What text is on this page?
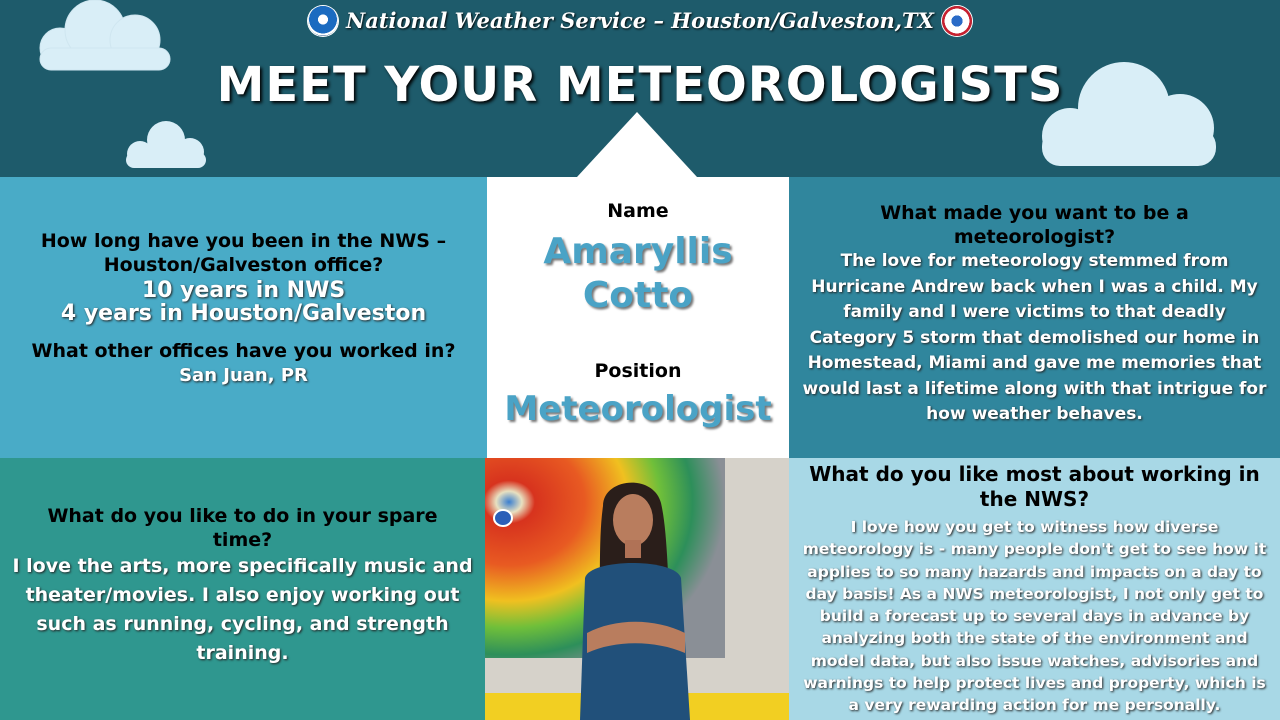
National Weather Service – Houston/Galveston,TX
MEET YOUR METEOROLOGISTS

How long have you been in the NWS – Houston/Galveston office?

10 years in NWS
4 years in Houston/Galveston

What other offices have you worked in?

San Juan, PR
Name
Amaryllis
Cotto
Position
Meteorologist

What made you want to be a meteorologist?

The love for meteorology stemmed from Hurricane Andrew back when I was a child. My family and I were victims to that deadly Category 5 storm that demolished our home in Homestead, Miami and gave me memories that would last a lifetime along with that intrigue for how weather behaves.

What do you like to do in your spare time?

I love the arts, more specifically music and theater/movies. I also enjoy working out such as running, cycling, and strength training.

What do you like most about working in the NWS?

I love how you get to witness how diverse meteorology is - many people don't get to see how it applies to so many hazards and impacts on a day to day basis! As a NWS meteorologist, I not only get to build a forecast up to several days in advance by analyzing both the state of the environment and model data, but also issue watches, advisories and warnings to help protect lives and property, which is a very rewarding action for me personally.
